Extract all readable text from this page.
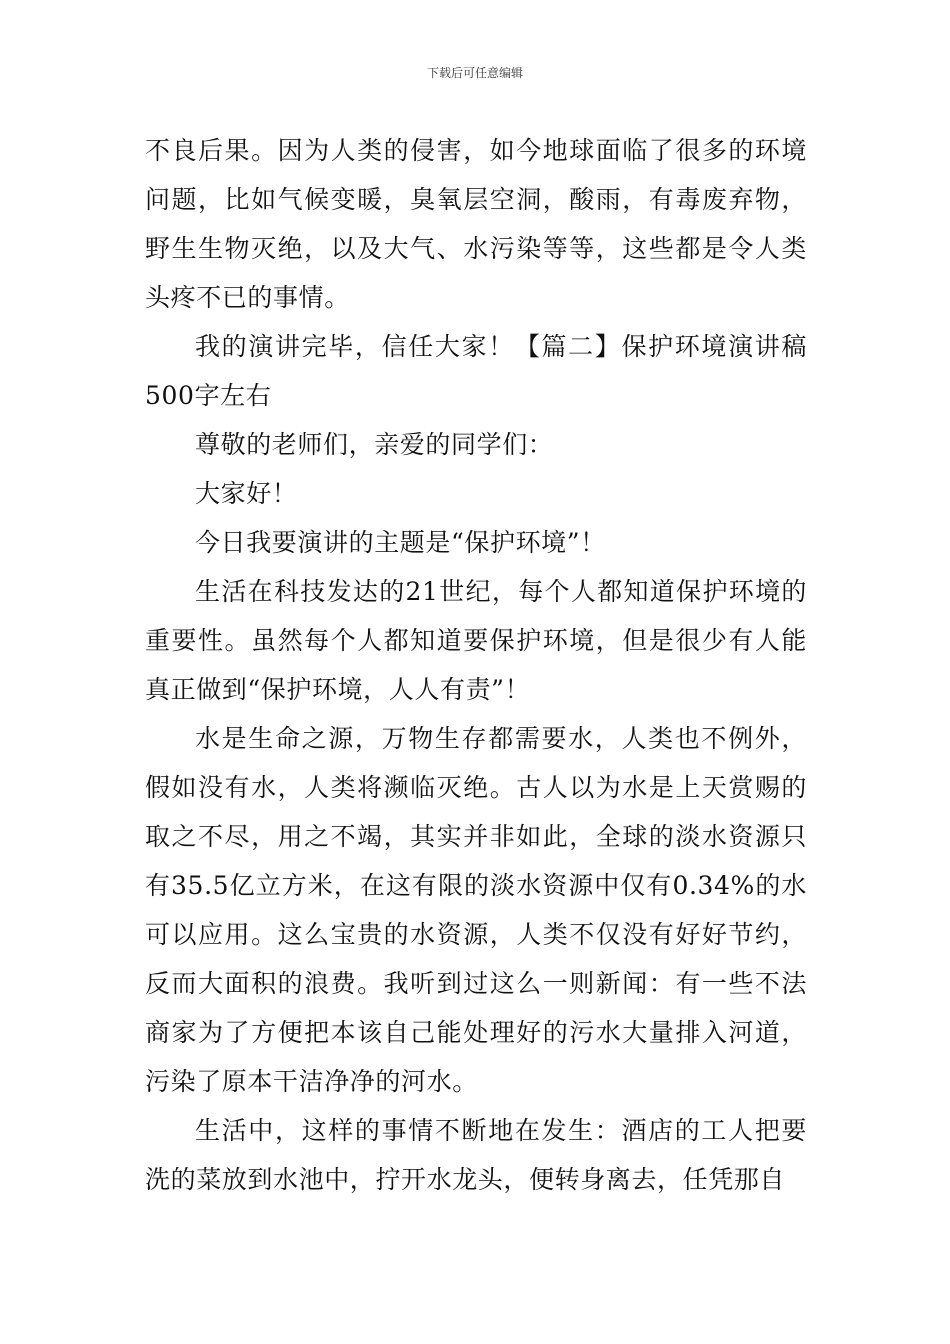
下载后可任意编辑

不良后果。因为人类的侵害，如今地球面临了很多的环境问题，比如气候变暖，臭氧层空洞，酸雨，有毒废弃物，野生生物灭绝，以及大气、水污染等等，这些都是令人类头疼不已的事情。

我的演讲完毕，信任大家！【篇二】保护环境演讲稿 500字左右

尊敬的老师们，亲爱的同学们：

大家好！

今日我要演讲的主题是“保护环境”！

生活在科技发达的21世纪，每个人都知道保护环境的重要性。虽然每个人都知道要保护环境，但是很少有人能真正做到“保护环境，人人有责”！

水是生命之源，万物生存都需要水，人类也不例外，假如没有水，人类将濒临灭绝。古人以为水是上天赏赐的取之不尽，用之不竭，其实并非如此，全球的淡水资源只有35.5亿立方米，在这有限的淡水资源中仅有0.34%的水可以应用。这么宝贵的水资源，人类不仅没有好好节约，反而大面积的浪费。我听到过这么一则新闻：有一些不法商家为了方便把本该自己能处理好的污水大量排入河道，污染了原本干洁净净的河水。

生活中，这样的事情不断地在发生：酒店的工人把要洗的菜放到水池中，拧开水龙头，便转身离去，任凭那自
